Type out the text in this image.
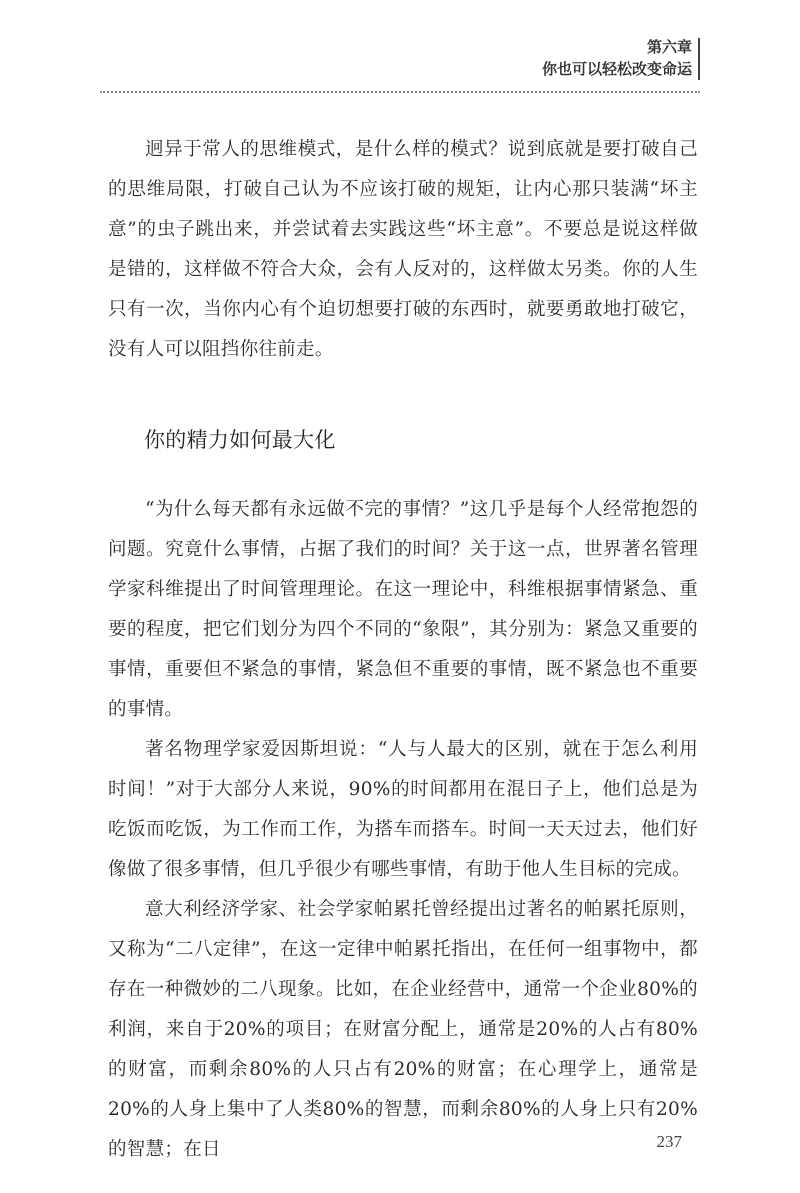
第六章
你也可以轻松改变命运

迥异于常人的思维模式，是什么样的模式？说到底就是要打破自己的思维局限，打破自己认为不应该打破的规矩，让内心那只装满“坏主意”的虫子跳出来，并尝试着去实践这些“坏主意”。不要总是说这样做是错的，这样做不符合大众，会有人反对的，这样做太另类。你的人生只有一次，当你内心有个迫切想要打破的东西时，就要勇敢地打破它，没有人可以阻挡你往前走。

你的精力如何最大化

“为什么每天都有永远做不完的事情？”这几乎是每个人经常抱怨的问题。究竟什么事情，占据了我们的时间？关于这一点，世界著名管理学家科维提出了时间管理理论。在这一理论中，科维根据事情紧急、重要的程度，把它们划分为四个不同的“象限”，其分别为：紧急又重要的事情，重要但不紧急的事情，紧急但不重要的事情，既不紧急也不重要的事情。

著名物理学家爱因斯坦说：“人与人最大的区别，就在于怎么利用时间！”对于大部分人来说，90%的时间都用在混日子上，他们总是为吃饭而吃饭，为工作而工作，为搭车而搭车。时间一天天过去，他们好像做了很多事情，但几乎很少有哪些事情，有助于他人生目标的完成。

意大利经济学家、社会学家帕累托曾经提出过著名的帕累托原则，又称为“二八定律”，在这一定律中帕累托指出，在任何一组事物中，都存在一种微妙的二八现象。比如，在企业经营中，通常一个企业80%的利润，来自于20%的项目；在财富分配上，通常是20%的人占有80%的财富，而剩余80%的人只占有20%的财富；在心理学上，通常是20%的人身上集中了人类80%的智慧，而剩余80%的人身上只有20%的智慧；在日	237
